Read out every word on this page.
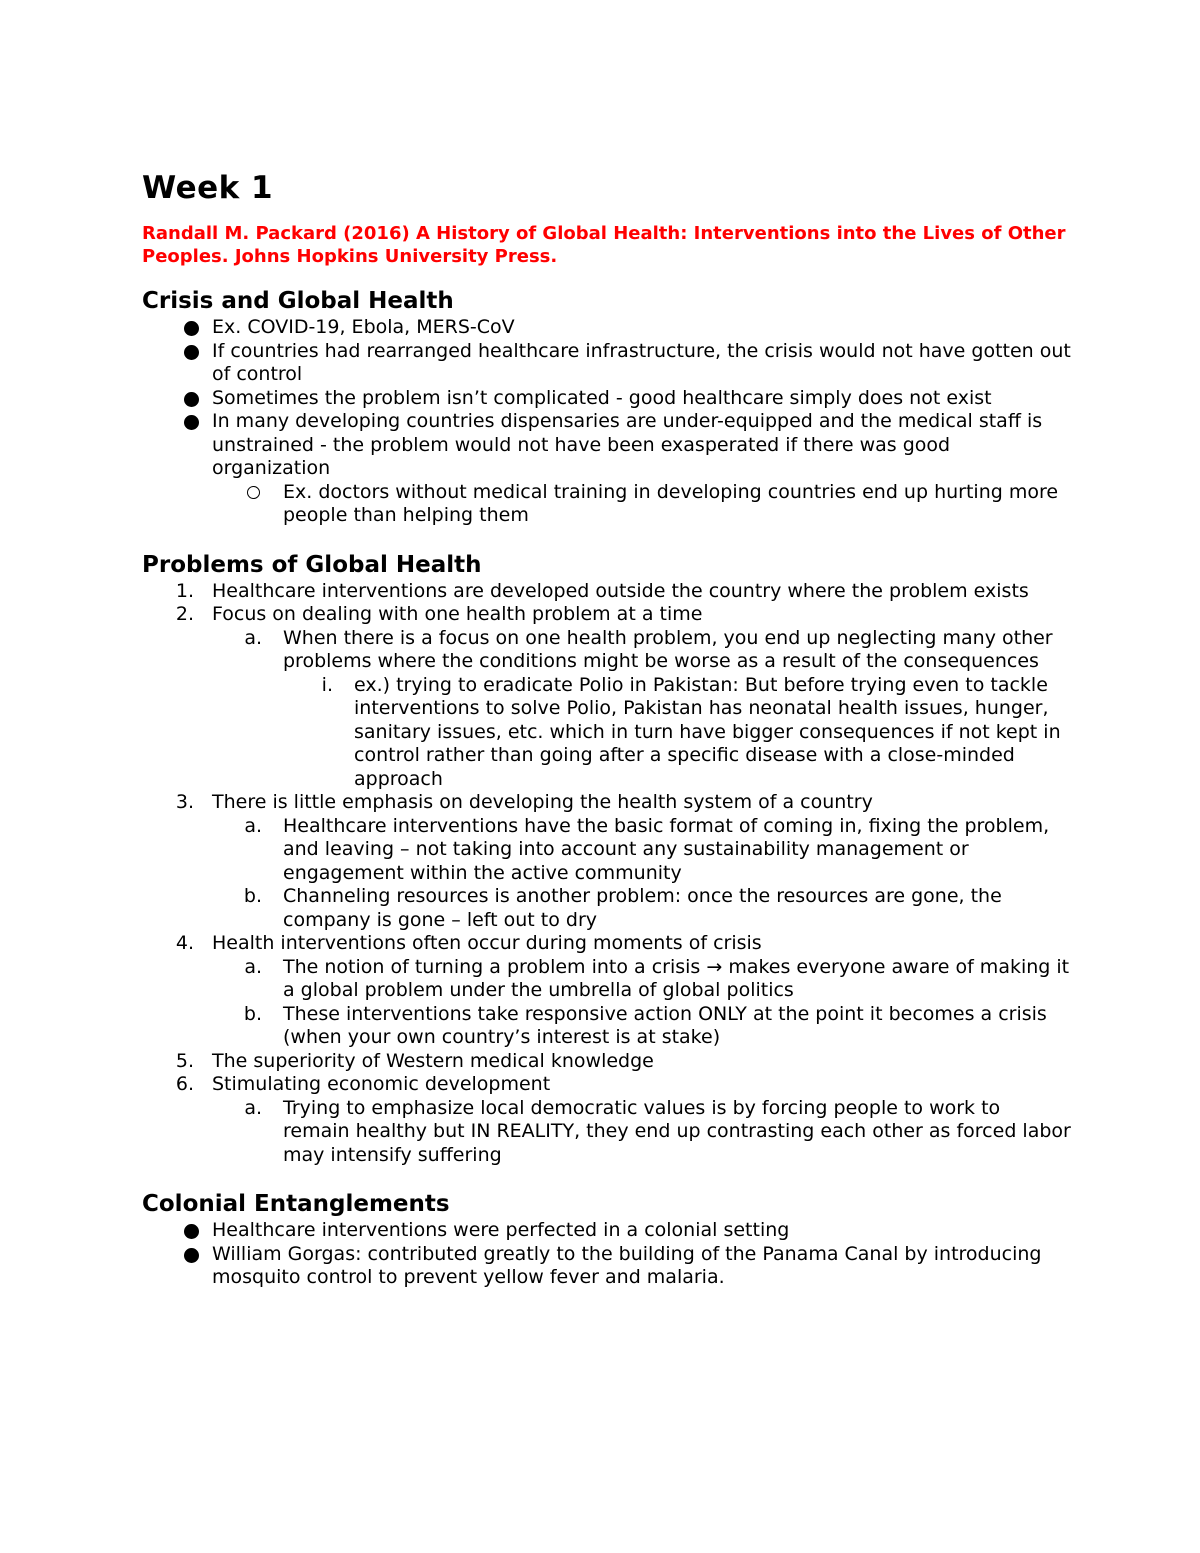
Week 1
Randall M. Packard (2016) A History of Global Health: Interventions into the Lives of Other Peoples. Johns Hopkins University Press.
Crisis and Global Health
Ex. COVID-19, Ebola, MERS-CoV
If countries had rearranged healthcare infrastructure, the crisis would not have gotten out of control
Sometimes the problem isn’t complicated - good healthcare simply does not exist
In many developing countries dispensaries are under-equipped and the medical staff is unstrained - the problem would not have been exasperated if there was good organization
Ex. doctors without medical training in developing countries end up hurting more people than helping them
Problems of Global Health
1. Healthcare interventions are developed outside the country where the problem exists
2. Focus on dealing with one health problem at a time
a. When there is a focus on one health problem, you end up neglecting many other problems where the conditions might be worse as a result of the consequences
i. ex.) trying to eradicate Polio in Pakistan: But before trying even to tackle interventions to solve Polio, Pakistan has neonatal health issues, hunger, sanitary issues, etc. which in turn have bigger consequences if not kept in control rather than going after a specific disease with a close-minded approach
3. There is little emphasis on developing the health system of a country
a. Healthcare interventions have the basic format of coming in, fixing the problem, and leaving – not taking into account any sustainability management or engagement within the active community
b. Channeling resources is another problem: once the resources are gone, the company is gone – left out to dry
4. Health interventions often occur during moments of crisis
a. The notion of turning a problem into a crisis → makes everyone aware of making it a global problem under the umbrella of global politics
b. These interventions take responsive action ONLY at the point it becomes a crisis (when your own country’s interest is at stake)
5. The superiority of Western medical knowledge
6. Stimulating economic development
a. Trying to emphasize local democratic values is by forcing people to work to remain healthy but IN REALITY, they end up contrasting each other as forced labor may intensify suffering
Colonial Entanglements
Healthcare interventions were perfected in a colonial setting
William Gorgas: contributed greatly to the building of the Panama Canal by introducing mosquito control to prevent yellow fever and malaria.
